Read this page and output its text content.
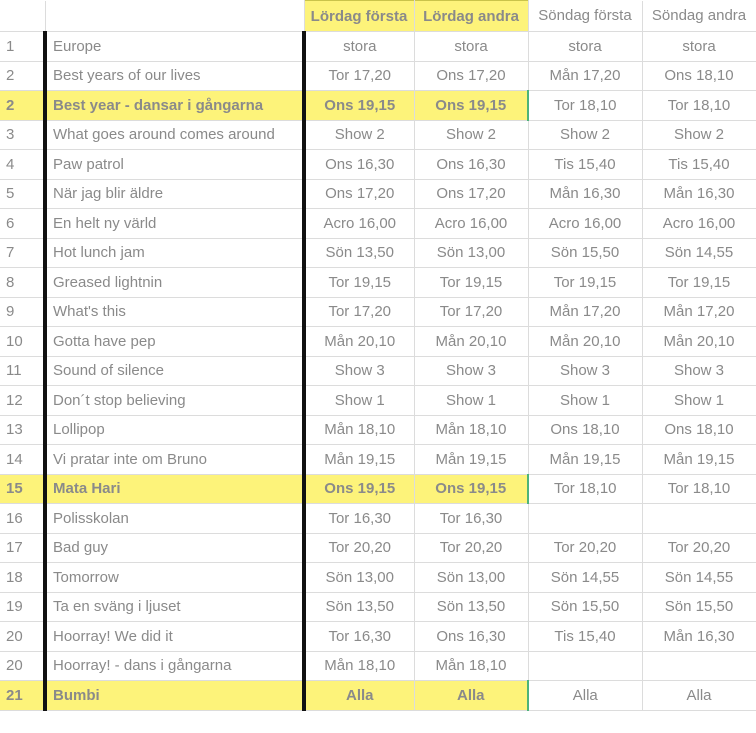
		Lördag första	Lördag andra	Söndag första	Söndag andra
1	Europe	stora	stora	stora	stora
2	Best years of our lives	Tor 17,20	Ons 17,20	Mån 17,20	Ons 18,10
2	Best year - dansar i gångarna	Ons 19,15	Ons 19,15	Tor 18,10	Tor 18,10
3	What goes around comes around	Show 2	Show 2	Show 2	Show 2
4	Paw patrol	Ons 16,30	Ons 16,30	Tis 15,40	Tis 15,40
5	När jag blir äldre	Ons 17,20	Ons 17,20	Mån 16,30	Mån 16,30
6	En helt ny värld	Acro 16,00	Acro 16,00	Acro 16,00	Acro 16,00
7	Hot lunch jam	Sön 13,50	Sön 13,00	Sön 15,50	Sön 14,55
8	Greased lightnin	Tor 19,15	Tor 19,15	Tor 19,15	Tor 19,15
9	What's this	Tor 17,20	Tor 17,20	Mån 17,20	Mån 17,20
10	Gotta have pep	Mån 20,10	Mån 20,10	Mån 20,10	Mån 20,10
11	Sound of silence	Show 3	Show 3	Show 3	Show 3
12	Don´t stop believing	Show 1	Show 1	Show 1	Show 1
13	Lollipop	Mån 18,10	Mån 18,10	Ons 18,10	Ons 18,10
14	Vi pratar inte om Bruno	Mån 19,15	Mån 19,15	Mån 19,15	Mån 19,15
15	Mata Hari	Ons 19,15	Ons 19,15	Tor 18,10	Tor 18,10
16	Polisskolan	Tor 16,30	Tor 16,30		
17	Bad guy	Tor 20,20	Tor 20,20	Tor 20,20	Tor 20,20
18	Tomorrow	Sön 13,00	Sön 13,00	Sön 14,55	Sön 14,55
19	Ta en sväng i ljuset	Sön 13,50	Sön 13,50	Sön 15,50	Sön 15,50
20	Hoorray! We did it	Tor 16,30	Ons 16,30	Tis 15,40	Mån 16,30
20	Hoorray! - dans i gångarna	Mån 18,10	Mån 18,10		
21	Bumbi	Alla	Alla	Alla	Alla
